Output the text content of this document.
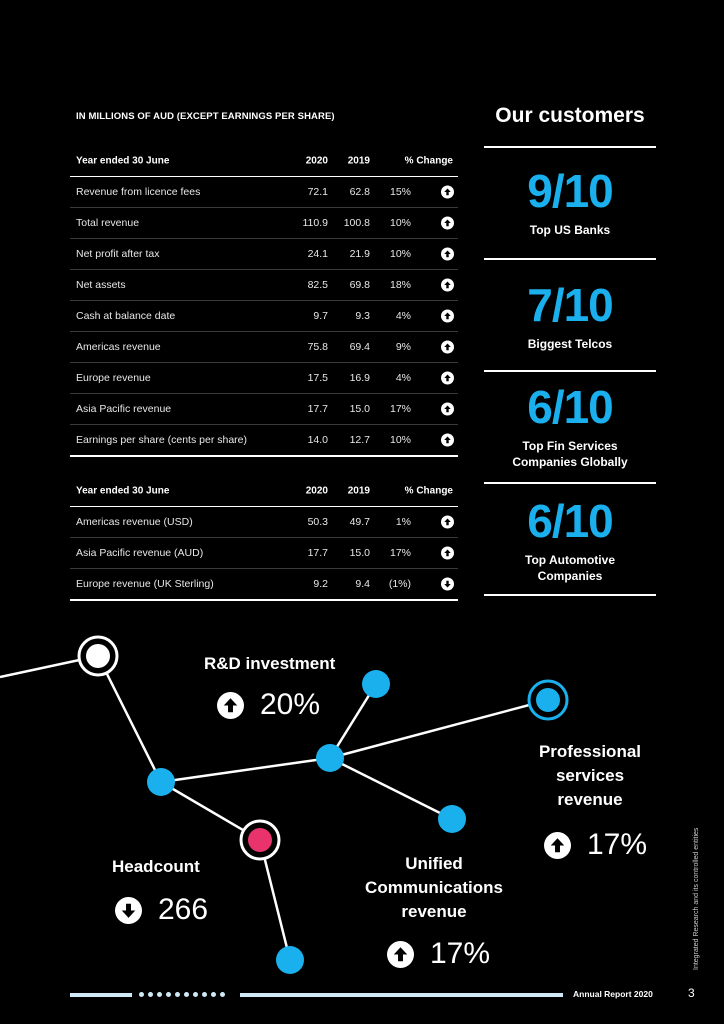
IN MILLIONS OF AUD (EXCEPT EARNINGS PER SHARE)
Year ended 30 June	2020 2019	% Change
Revenue from licence fees	72.1 62.8 15%
Total revenue	110.9 100.8 10%
Net profit after tax	24.1 21.9 10%
Net assets	82.5 69.8 18%
Cash at balance date	9.7	9.3 4%
Americas revenue	75.8 69.4 9%
Europe revenue	17.5 16.9 4%
Asia Pacific revenue	17.7 15.0 17%
Earnings per share (cents per share)	14.0 12.7 10%
Year ended 30 June	2020 2019	% Change
Americas revenue (USD)	50.3 49.7 1%
Asia Pacific revenue (AUD)	17.7 15.0 17%
Europe revenue (UK Sterling)	9.2	9.4 (1%)
Our customers
9/10
Top US Banks
7/10
Biggest Telcos
6/10
Top Fin Services Companies Globally
6/10
Top Automotive Companies
R&D investment
20%
Professional
services
revenue
17%
Headcount
266
Unified
Communications
revenue
17%
Annual Report 2020	3
Integrated Research and its controlled entities
